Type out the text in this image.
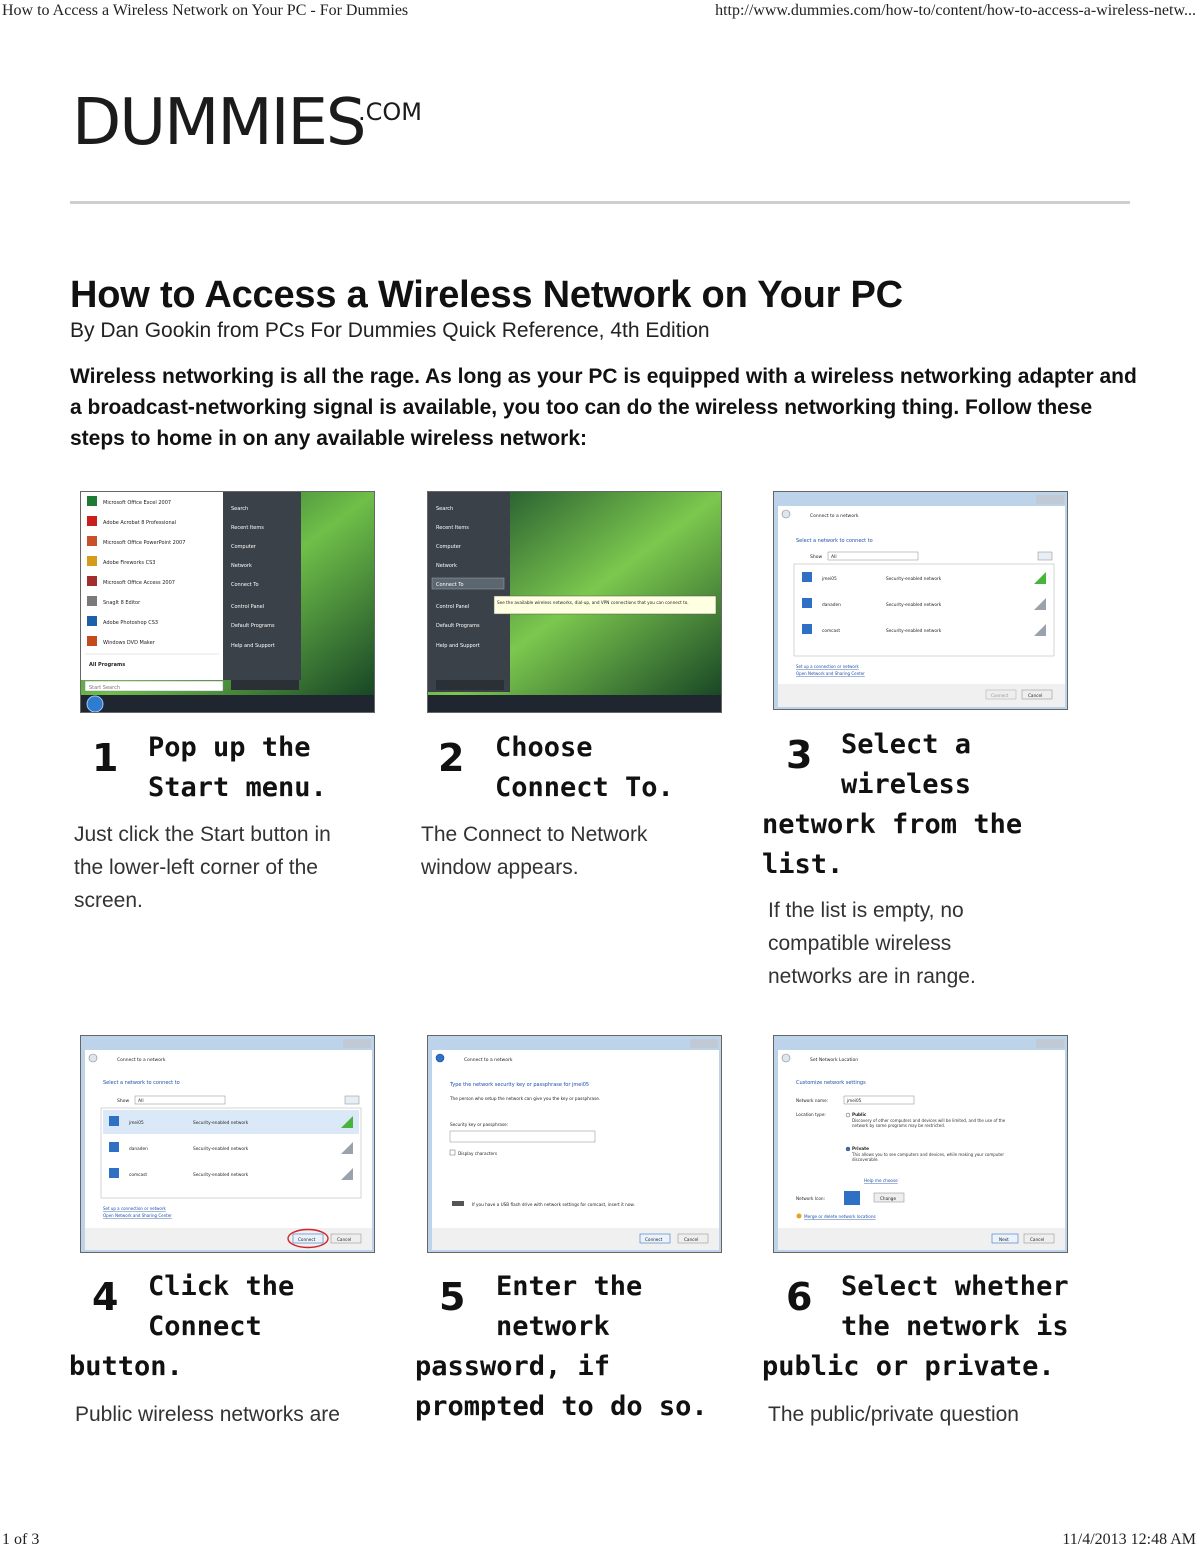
How to Access a Wireless Network on Your PC - For Dummies	http://www.dummies.com/how-to/content/how-to-access-a-wireless-netw...
DUMMIES
.COM
How to Access a Wireless Network on Your PC
By Dan Gookin from PCs For Dummies Quick Reference, 4th Edition

Wireless networking is all the rage. As long as your PC is equipped with a wireless networking adapter and a broadcast-networking signal is available, you too can do the wireless networking thing. Follow these steps to home in on any available wireless network:

Microsoft Office Excel 2007
Adobe Acrobat 8 Professional
Microsoft Office PowerPoint 2007
Adobe Fireworks CS3
Microsoft Office Access 2007
SnagIt 8 Editor
Adobe Photoshop CS3
Windows DVD Maker
All Programs
Start Search
Search
Recent Items
Computer
Network
Connect To
Control Panel
Default Programs
Help and Support
Search
Recent Items
Computer
Network
Connect To
Control Panel
Default Programs
Help and Support
See the available wireless networks, dial-up, and VPN connections that you can connect to.
Connect to a network
Select a network to connect to
Show All
jmei05	Security-enabled network
danaden	Security-enabled network
comcast	Security-enabled network
Set up a connection or network
Open Network and Sharing Center
Connect	Cancel
Connect to a network
Select a network to connect to
Show All
jmei05	Security-enabled network
danaden	Security-enabled network
comcast	Security-enabled network
Set up a connection or network
Open Network and Sharing Center
Connect	Cancel
Connect to a network
Type the network security key or passphrase for jmei05
The person who setup the network can give you the key or passphrase.
Security key or passphrase:
Display characters
If you have a USB flash drive with network settings for comcast, insert it now.
Connect	Cancel
Set Network Location
Customize network settings
Network name:	jmei05
Location type:	Public
Discovery of other computers and devices will be limited, and the use of the network by some programs may be restricted.
Private
This allows you to see computers and devices, while making your computer discoverable.
Help me choose
Network Icon:	Change
Merge or delete network locations
Next	Cancel
1 Pop up the
Start menu.
Just click the Start button in
the lower-left corner of the
screen.
2 Choose
Connect To.
The Connect to Network
window appears.
3 Select a
wireless
network from the
list.
If the list is empty, no
compatible wireless
networks are in range.
4 Click the
Connect
button.
Public wireless networks are
5 Enter the
network
password, if
prompted to do so.
6 Select whether
the network is
public or private.
The public/private question
1 of 3	11/4/2013 12:48 AM
